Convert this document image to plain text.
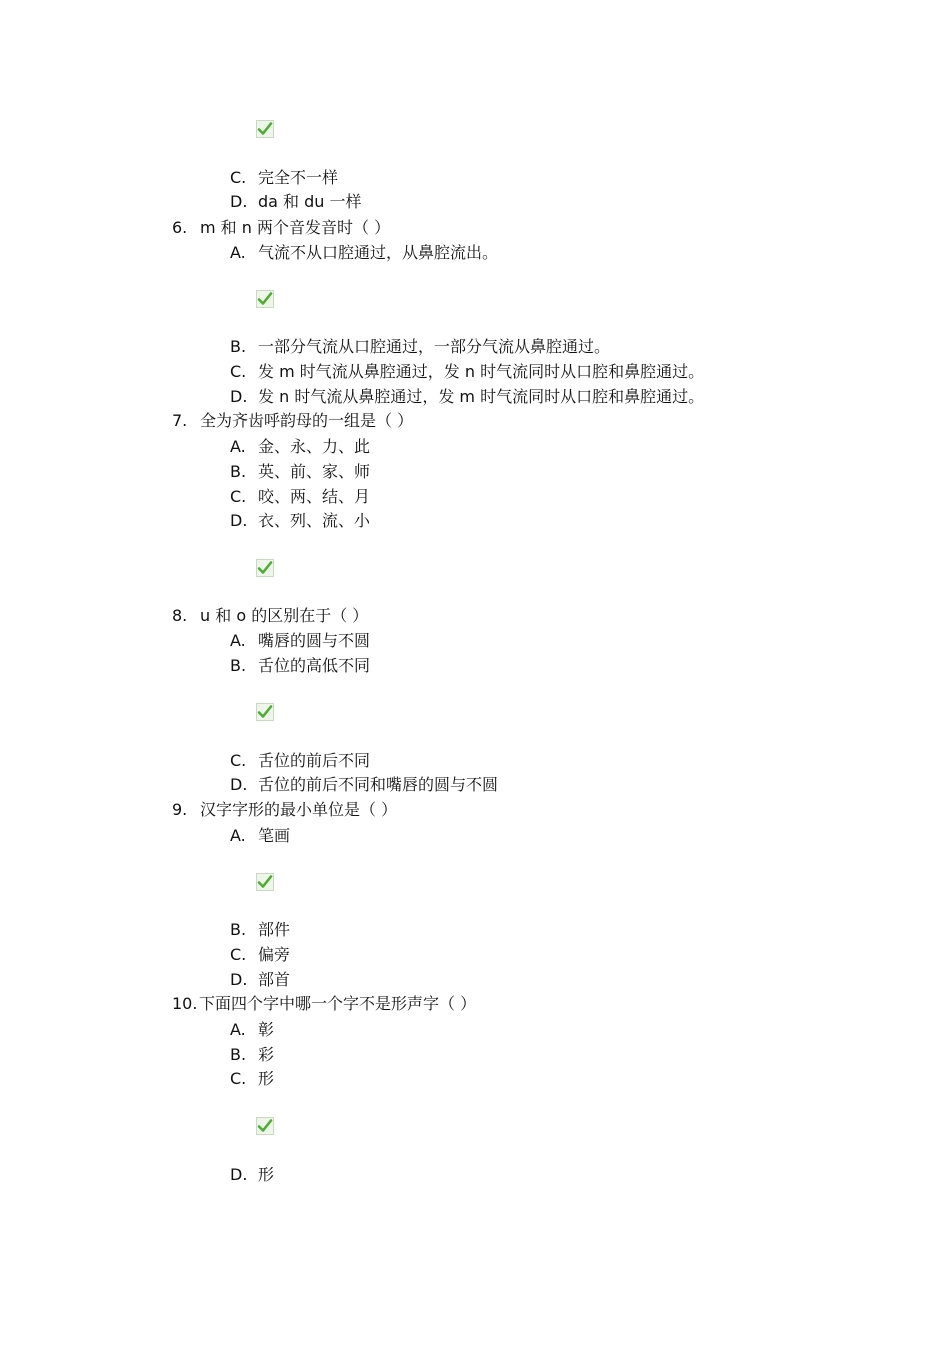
C. 完全不一样
D. da 和 du 一样
6. m 和 n 两个音发音时（ ）
A. 气流不从口腔通过，从鼻腔流出。
B. 一部分气流从口腔通过，一部分气流从鼻腔通过。
C. 发 m 时气流从鼻腔通过，发 n 时气流同时从口腔和鼻腔通过。
D. 发 n 时气流从鼻腔通过，发 m 时气流同时从口腔和鼻腔通过。
7. 全为齐齿呼韵母的一组是（ ）
A. 金、永、力、此
B. 英、前、家、师
C. 咬、两、结、月
D. 衣、列、流、小
8. u 和 o 的区别在于（ ）
A. 嘴唇的圆与不圆
B. 舌位的高低不同
C. 舌位的前后不同
D. 舌位的前后不同和嘴唇的圆与不圆
9. 汉字字形的最小单位是（ ）
A. 笔画
B. 部件
C. 偏旁
D. 部首
10. 下面四个字中哪一个字不是形声字（ ）
A. 彰
B. 彩
C. 形
D. 形
